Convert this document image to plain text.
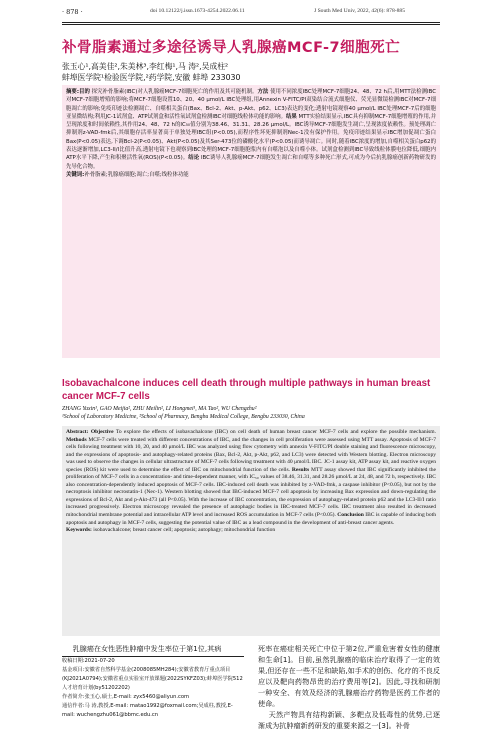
· 878 ·	doi 10.12122/j.issn.1673-4254.2022.06.11	J South Med Univ, 2022, 42(6): 878-885
补骨脂素通过多途径诱导人乳腺癌MCF-7细胞死亡
张玉心¹,高美佳²,朱美林³,李红梅¹,马 涛²,吴成柱²
蚌埠医学院¹检验医学院,²药学院,安徽 蚌埠 233030

摘要:目的 探究补骨脂素(IBC)对人乳腺癌MCF-7细胞死亡的作用及其可能机制。方法 使用不同浓度IBC处理MCF-7细胞24、48、72 h后,用MTT法检测IBC对MCF-7细胞增殖的影响;将MCF-7细胞设置10、20、40 μmol/L IBC处理组,用Annexin V-FITC/PI双染结合流式细胞仪、荧光显微镜检测IBC对MCF-7细胞凋亡的影响;免疫印迹法检测凋亡、自噬相关蛋白(Bax、Bcl-2、Akt、p-Akt、p62、LC3)表达的变化;透射电镜观察40 μmol/L IBC处理MCF-7后的细胞亚显微结构;利用JC-1试剂盒、ATP试剂盒和活性氧试剂盒检测IBC对细胞线粒体功能的影响。结果 MTT实验结果显示,IBC具有抑制MCF-7细胞增殖的作用,并呈现浓度和时间依赖性,其作用24、48、72 h的IC₅₀值分别为38.46、31.31、28.26 μmol/L。IBC诱导MCF-7细胞发生凋亡,呈现浓度依赖性。预处理凋亡抑制剂z-VAD-fmk后,其细胞存活率显著高于单独处理IBC组(P<0.05),而程序性坏死抑制剂Nec-1没有保护作用。免疫印迹结果显示IBC增加促凋亡蛋白Bax(P<0.05)表达,下调Bcl-2(P<0.05)、Akt(P<0.05)及其Ser-473位的磷酸化水平(P<0.05)而诱导凋亡。同时,随着IBC浓度的增加,自噬相关蛋白p62的表达逐渐增加,LC3-II/I比值升高,透射电镜下也观察到IBC处理的MCF-7细胞胞浆内有自噬泡以及自噬小体。试剂盒检测到IBC导致线粒体膜电位降低,细胞内ATP水平下降,产生和积聚活性氧(ROS)(P<0.05)。结论 IBC诱导人乳腺癌MCF-7细胞发生凋亡和自噬等多种死亡形式,可成为今后抗乳腺癌创新药物研发的先导化合物。

关键词:补骨脂素;乳腺癌细胞;凋亡;自噬;线粒体功能

Isobavachalcone induces cell death through multiple pathways in human breast cancer MCF-7 cells
ZHANG Yuxin¹, GAO Meijia², ZHU Meilin², LI Hongmei¹, MA Tao², WU Chengzhu²
¹School of Laboratory Medicine, ²School of Pharmacy, Bengbu Medical College, Bengbu 233030, China

Abstract: Objective To explore the effects of isobavachalcone (IBC) on cell death of human breast cancer MCF-7 cells and explore the possible mechanism. Methods MCF-7 cells were treated with different concentrations of IBC, and the changes in cell proliferation were assessed using MTT assay. Apoptosis of MCF-7 cells following treatment with 10, 20, and 40 μmol/L IBC was analyzed using flow cytometry with annexin V-FITC/PI double staining and fluorescence microscopy, and the expressions of apoptosis- and autophagy-related proteins (Bax, Bcl-2, Akt, p-Akt, p62, and LC3) were detected with Western blotting. Electron microscopy was used to observe the changes in cellular ultrastructure of MCF-7 cells following treatment with 40 μmol/L IBC. JC-1 assay kit, ATP assay kit, and reactive oxygen species (ROS) kit were used to determine the effect of IBC on mitochondrial function of the cells. Results MTT assay showed that IBC significantly inhibited the proliferation of MCF-7 cells in a concentration- and time-dependent manner, with IC₅₀ values of 38.46, 31.31, and 28.26 μmol/L at 24, 48, and 72 h, respectively. IBC also concentration-dependently induced apoptosis of MCF-7 cells. IBC-induced cell death was inhibited by z-VAD-fmk, a caspase inhibitor (P<0.05), but not by the necroptosis inhibitor necrostatin-1 (Nec-1). Western blotting showed that IBC-induced MCF-7 cell apoptosis by increasing Bax expression and down-regulating the expressions of Bcl-2, Akt and p-Akt-473 (all P<0.05). With the increase of IBC concentration, the expression of autophagy-related protein p62 and the LC3-II/I ratio increased progressively. Electron microscopy revealed the presence of autophagic bodies in IBC-treated MCF-7 cells. IBC treatment also resulted in decreased mitochondrial membrane potential and intracellular ATP level and increased ROS accumulation in MCF-7 cells (P<0.05). Conclusion IBC is capable of inducing both apoptosis and autophagy in MCF-7 cells, suggesting the potential value of IBC as a lead compound in the development of anti-breast cancer agents.

Keywords: isobavachalcone; breast cancer cell; apoptosis; autophagy; mitochondrial function

乳腺癌在女性恶性肿瘤中发生率位于第1位,其病

收稿日期:2021-07-20

基金项目:安徽省自然科学基金(2008085MH284);安徽省教育厅重点项目(KJ2021A0794);安徽省重点实验室开放课题(2022SYKFZ03);蚌埠医学院512人才培育计划(by51202202)

作者简介:张玉心,硕士,E-mail: zyx5460@aliyun.com

通信作者:马 涛,教授,E-mail: matao1992@foxmail.com;吴成柱,教授,E-mail: wuchengzhu061@bbmc.edu.cn

死率在癌症相关死亡中位于第2位,严重危害着女性的健康和生命[1]。目前,虽然乳腺癌的临床治疗取得了一定的效果,但还存在一些不足和缺陷,如手术的创伤、化疗的不良反应以及靶向药物昂贵的治疗费用等[2]。因此,寻找和研制一种安全、有效及经济的乳腺癌治疗药物是医药工作者的使命。

天然产物具有结构新颖、多靶点及低毒性的优势,已逐渐成为抗肿瘤新药研发的重要来源之一[3]。补骨
